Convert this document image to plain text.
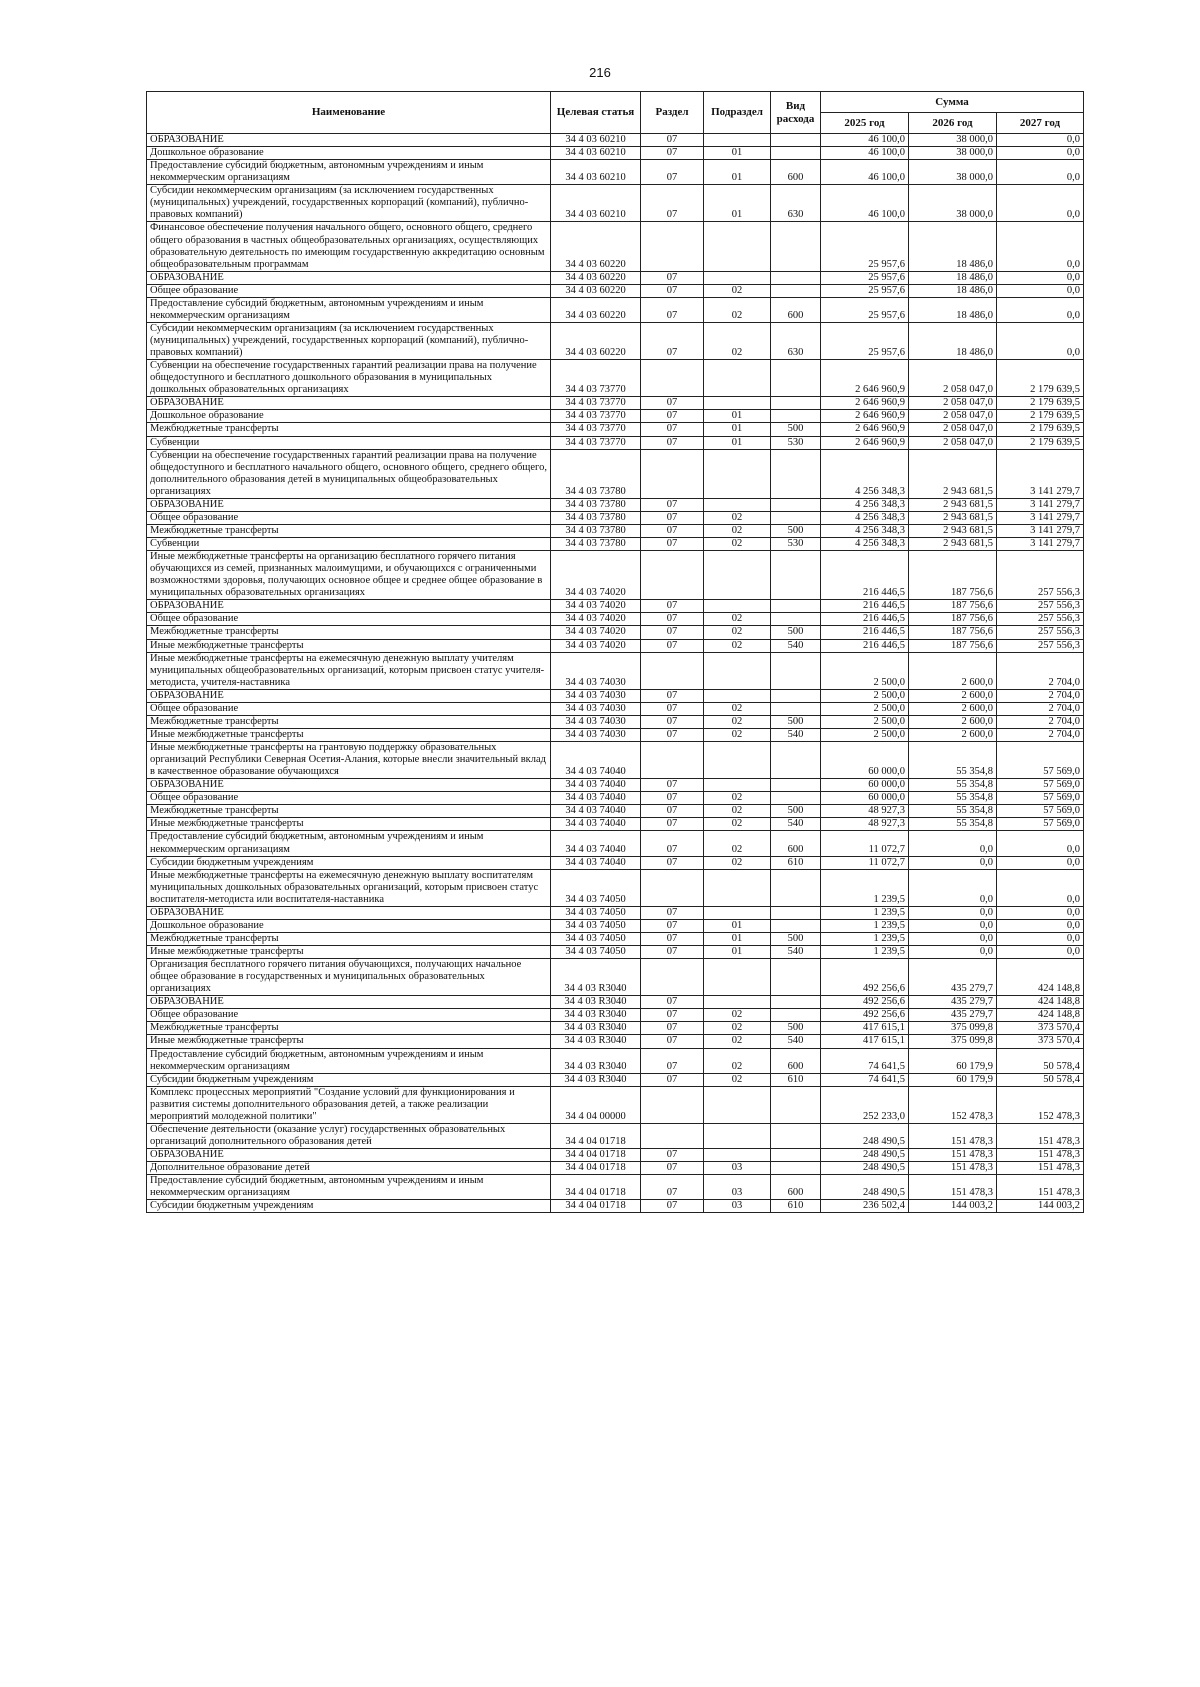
216
Наименование	Целевая статья	Раздел	Подраздел	Вид расхода	Сумма		
					2025 год	2026 год	2027 год
ОБРАЗОВАНИЕ	34 4 03 60210	07			46 100,0	38 000,0	0,0
Дошкольное образование	34 4 03 60210	07	01		46 100,0	38 000,0	0,0
Предоставление субсидий бюджетным, автономным учреждениям и иным некоммерческим организациям	34 4 03 60210	07	01	600	46 100,0	38 000,0	0,0
Субсидии некоммерческим организациям (за исключением государственных (муниципальных) учреждений, государственных корпораций (компаний), публично-правовых компаний)	34 4 03 60210	07	01	630	46 100,0	38 000,0	0,0
Финансовое обеспечение получения начального общего, основного общего, среднего общего образования в частных общеобразовательных организациях, осуществляющих образовательную деятельность по имеющим государственную аккредитацию основным общеобразовательным программам	34 4 03 60220				25 957,6	18 486,0	0,0
ОБРАЗОВАНИЕ	34 4 03 60220	07			25 957,6	18 486,0	0,0
Общее образование	34 4 03 60220	07	02		25 957,6	18 486,0	0,0
Предоставление субсидий бюджетным, автономным учреждениям и иным некоммерческим организациям	34 4 03 60220	07	02	600	25 957,6	18 486,0	0,0
Субсидии некоммерческим организациям (за исключением государственных (муниципальных) учреждений, государственных корпораций (компаний), публично-правовых компаний)	34 4 03 60220	07	02	630	25 957,6	18 486,0	0,0
Субвенции на обеспечение государственных гарантий реализации права на получение общедоступного и бесплатного дошкольного образования в муниципальных дошкольных образовательных организациях	34 4 03 73770				2 646 960,9	2 058 047,0	2 179 639,5
ОБРАЗОВАНИЕ	34 4 03 73770	07			2 646 960,9	2 058 047,0	2 179 639,5
Дошкольное образование	34 4 03 73770	07	01		2 646 960,9	2 058 047,0	2 179 639,5
Межбюджетные трансферты	34 4 03 73770	07	01	500	2 646 960,9	2 058 047,0	2 179 639,5
Субвенции	34 4 03 73770	07	01	530	2 646 960,9	2 058 047,0	2 179 639,5
Субвенции на обеспечение государственных гарантий реализации права на получение общедоступного и бесплатного начального общего, основного общего, среднего общего, дополнительного образования детей в муниципальных общеобразовательных организациях	34 4 03 73780				4 256 348,3	2 943 681,5	3 141 279,7
ОБРАЗОВАНИЕ	34 4 03 73780	07			4 256 348,3	2 943 681,5	3 141 279,7
Общее образование	34 4 03 73780	07	02		4 256 348,3	2 943 681,5	3 141 279,7
Межбюджетные трансферты	34 4 03 73780	07	02	500	4 256 348,3	2 943 681,5	3 141 279,7
Субвенции	34 4 03 73780	07	02	530	4 256 348,3	2 943 681,5	3 141 279,7
Иные межбюджетные трансферты на организацию бесплатного горячего питания обучающихся из семей, признанных малоимущими, и обучающихся с ограниченными возможностями здоровья, получающих основное общее и среднее общее образование в муниципальных образовательных организациях	34 4 03 74020				216 446,5	187 756,6	257 556,3
ОБРАЗОВАНИЕ	34 4 03 74020	07			216 446,5	187 756,6	257 556,3
Общее образование	34 4 03 74020	07	02		216 446,5	187 756,6	257 556,3
Межбюджетные трансферты	34 4 03 74020	07	02	500	216 446,5	187 756,6	257 556,3
Иные межбюджетные трансферты	34 4 03 74020	07	02	540	216 446,5	187 756,6	257 556,3
Иные межбюджетные трансферты на ежемесячную денежную выплату учителям муниципальных общеобразовательных организаций, которым присвоен статус учителя-методиста, учителя-наставника	34 4 03 74030				2 500,0	2 600,0	2 704,0
ОБРАЗОВАНИЕ	34 4 03 74030	07			2 500,0	2 600,0	2 704,0
Общее образование	34 4 03 74030	07	02		2 500,0	2 600,0	2 704,0
Межбюджетные трансферты	34 4 03 74030	07	02	500	2 500,0	2 600,0	2 704,0
Иные межбюджетные трансферты	34 4 03 74030	07	02	540	2 500,0	2 600,0	2 704,0
Иные межбюджетные трансферты на грантовую поддержку образовательных организаций Республики Северная Осетия-Алания, которые внесли значительный вклад в качественное образование обучающихся	34 4 03 74040				60 000,0	55 354,8	57 569,0
ОБРАЗОВАНИЕ	34 4 03 74040	07			60 000,0	55 354,8	57 569,0
Общее образование	34 4 03 74040	07	02		60 000,0	55 354,8	57 569,0
Межбюджетные трансферты	34 4 03 74040	07	02	500	48 927,3	55 354,8	57 569,0
Иные межбюджетные трансферты	34 4 03 74040	07	02	540	48 927,3	55 354,8	57 569,0
Предоставление субсидий бюджетным, автономным учреждениям и иным некоммерческим организациям	34 4 03 74040	07	02	600	11 072,7	0,0	0,0
Субсидии бюджетным учреждениям	34 4 03 74040	07	02	610	11 072,7	0,0	0,0
Иные межбюджетные трансферты на ежемесячную денежную выплату воспитателям муниципальных дошкольных образовательных организаций, которым присвоен статус воспитателя-методиста или воспитателя-наставника	34 4 03 74050				1 239,5	0,0	0,0
ОБРАЗОВАНИЕ	34 4 03 74050	07			1 239,5	0,0	0,0
Дошкольное образование	34 4 03 74050	07	01		1 239,5	0,0	0,0
Межбюджетные трансферты	34 4 03 74050	07	01	500	1 239,5	0,0	0,0
Иные межбюджетные трансферты	34 4 03 74050	07	01	540	1 239,5	0,0	0,0
Организация бесплатного горячего питания обучающихся, получающих начальное общее образование в государственных и муниципальных образовательных организациях	34 4 03 R3040				492 256,6	435 279,7	424 148,8
ОБРАЗОВАНИЕ	34 4 03 R3040	07			492 256,6	435 279,7	424 148,8
Общее образование	34 4 03 R3040	07	02		492 256,6	435 279,7	424 148,8
Межбюджетные трансферты	34 4 03 R3040	07	02	500	417 615,1	375 099,8	373 570,4
Иные межбюджетные трансферты	34 4 03 R3040	07	02	540	417 615,1	375 099,8	373 570,4
Предоставление субсидий бюджетным, автономным учреждениям и иным некоммерческим организациям	34 4 03 R3040	07	02	600	74 641,5	60 179,9	50 578,4
Субсидии бюджетным учреждениям	34 4 03 R3040	07	02	610	74 641,5	60 179,9	50 578,4
Комплекс процессных мероприятий "Создание условий для функционирования и развития системы дополнительного образования детей, а также реализации мероприятий молодежной политики"	34 4 04 00000				252 233,0	152 478,3	152 478,3
Обеспечение деятельности (оказание услуг) государственных образовательных организаций дополнительного образования детей	34 4 04 01718				248 490,5	151 478,3	151 478,3
ОБРАЗОВАНИЕ	34 4 04 01718	07			248 490,5	151 478,3	151 478,3
Дополнительное образование детей	34 4 04 01718	07	03		248 490,5	151 478,3	151 478,3
Предоставление субсидий бюджетным, автономным учреждениям и иным некоммерческим организациям	34 4 04 01718	07	03	600	248 490,5	151 478,3	151 478,3
Субсидии бюджетным учреждениям	34 4 04 01718	07	03	610	236 502,4	144 003,2	144 003,2
